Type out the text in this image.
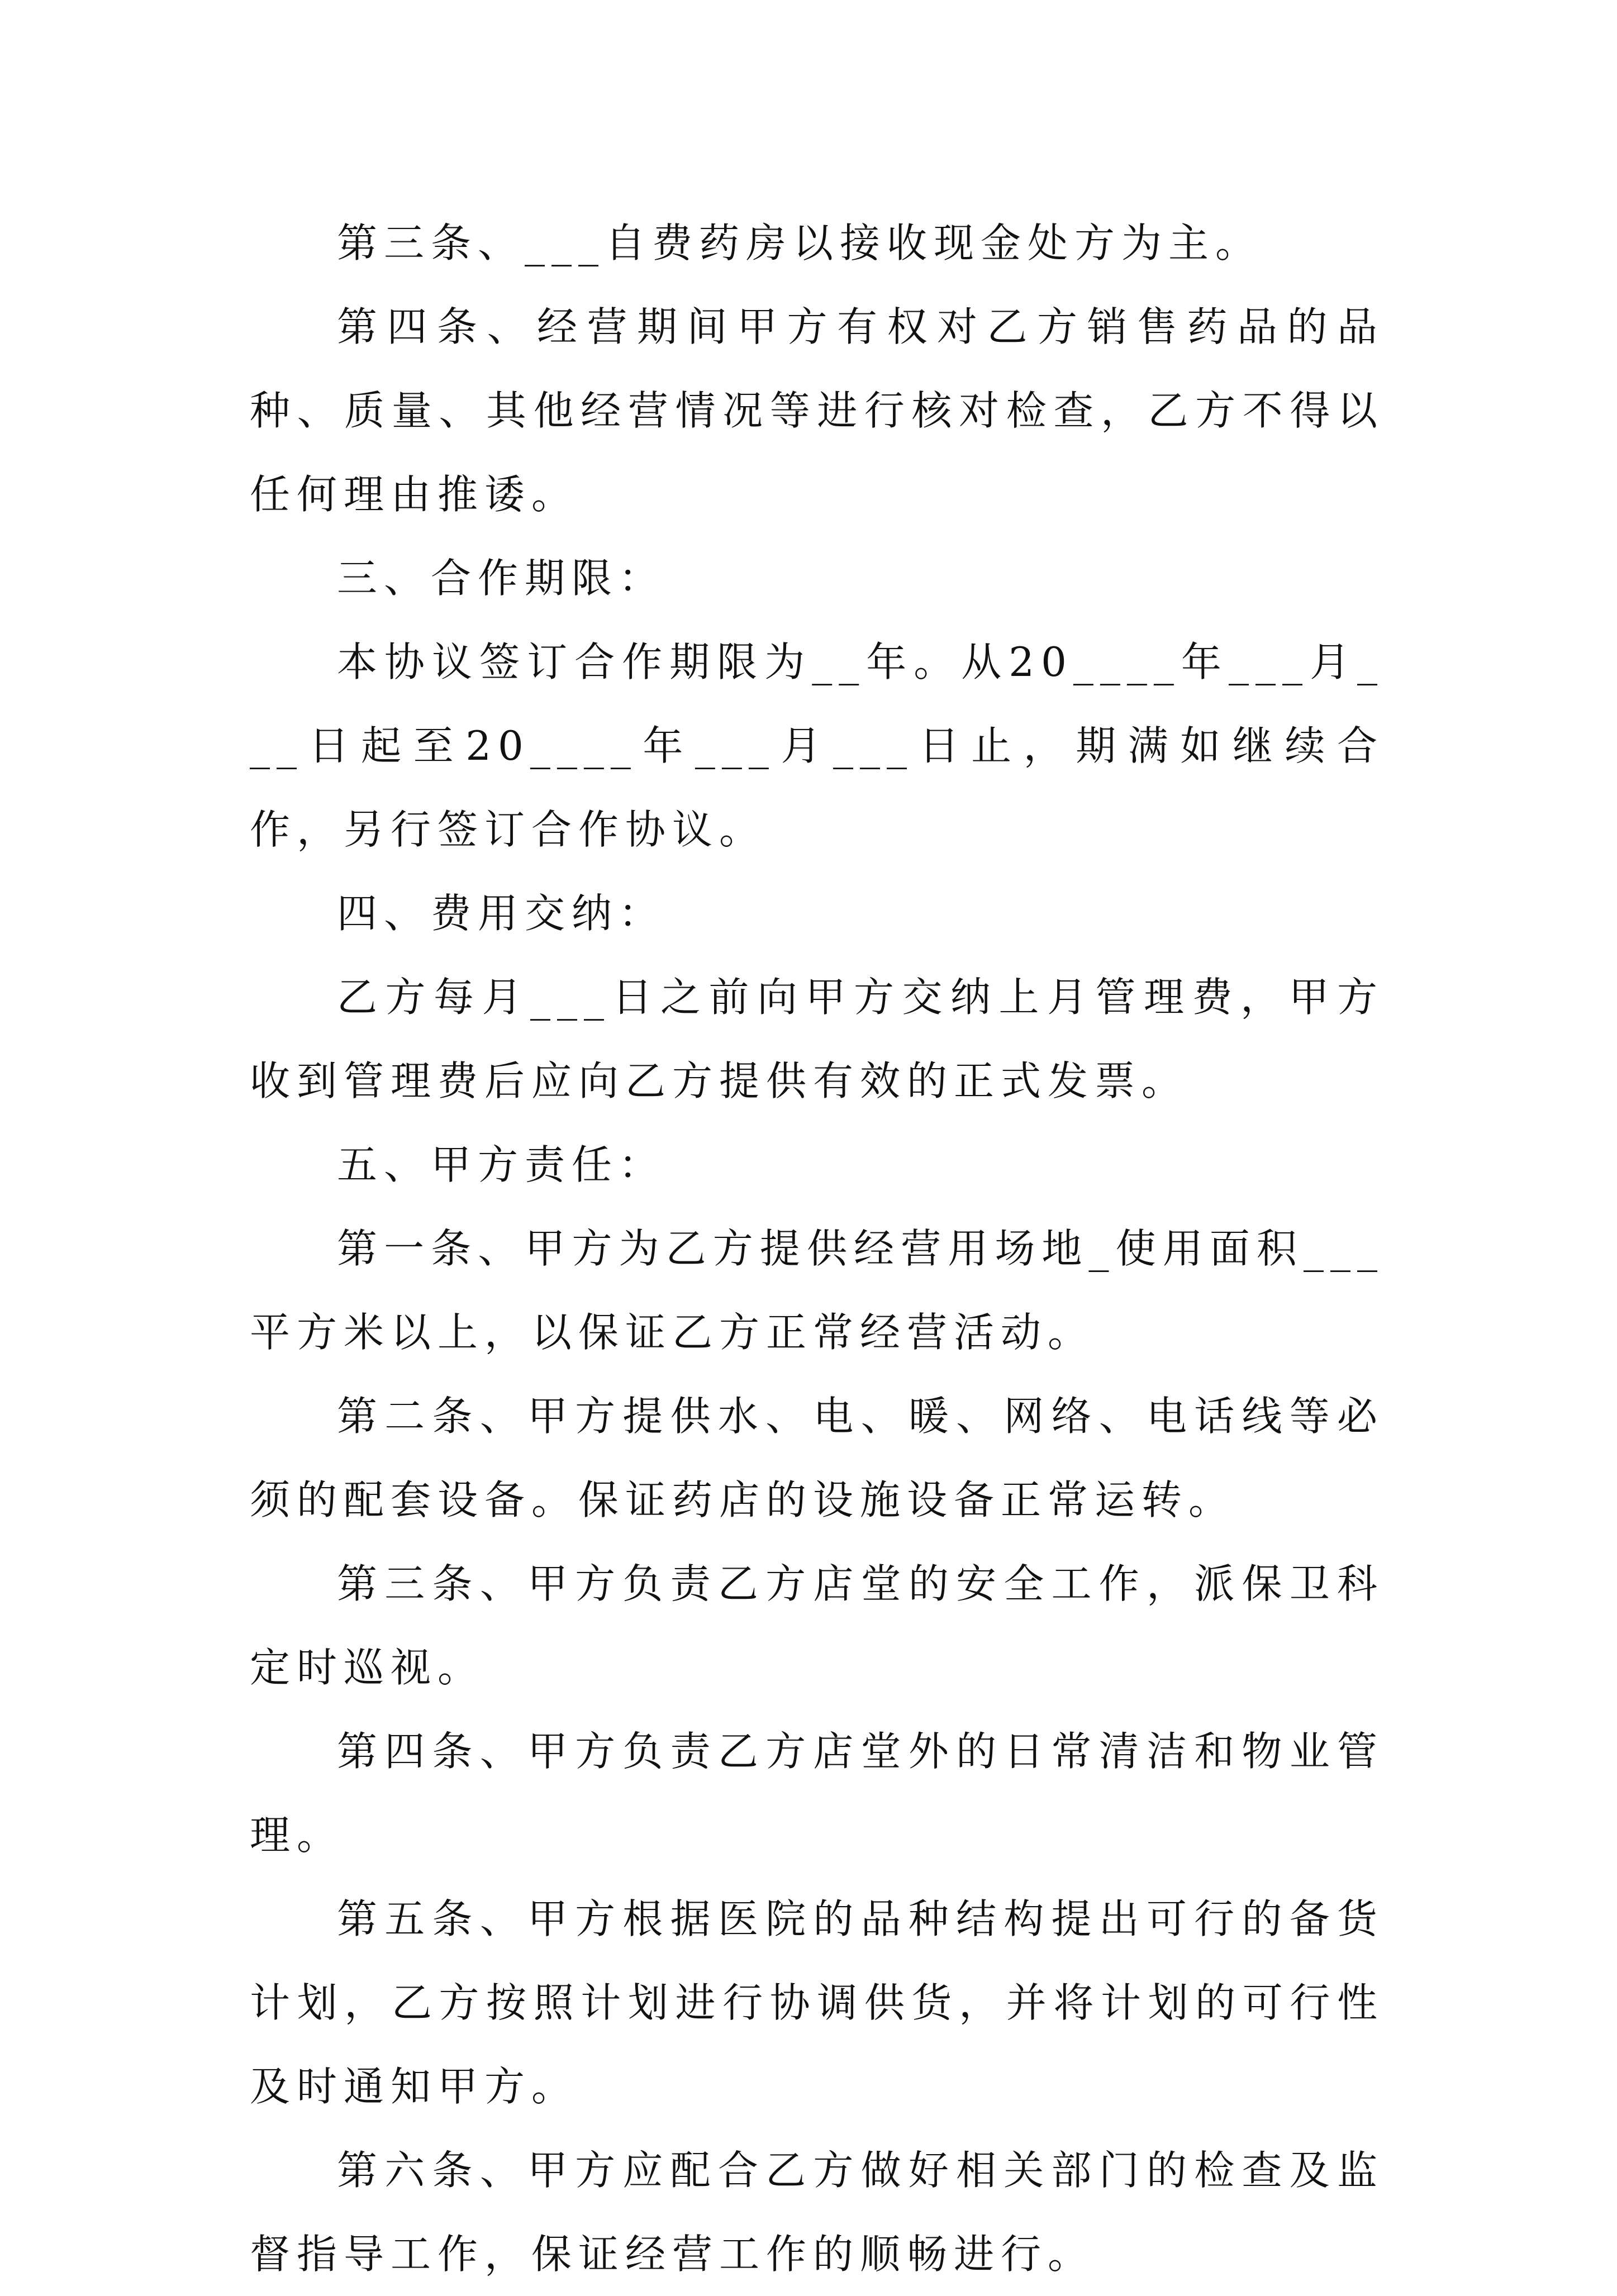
第三条、___自费药房以接收现金处方为主。

第四条、经营期间甲方有权对乙方销售药品的品种、质量、其他经营情况等进行核对检查，乙方不得以任何理由推诿。

三、合作期限：

本协议签订合作期限为__年。从20____年___月___日起至20____年___月___日止，期满如继续合作，另行签订合作协议。

四、费用交纳：

乙方每月___日之前向甲方交纳上月管理费，甲方收到管理费后应向乙方提供有效的正式发票。

五、甲方责任：

第一条、甲方为乙方提供经营用场地_使用面积___平方米以上，以保证乙方正常经营活动。

第二条、甲方提供水、电、暖、网络、电话线等必须的配套设备。保证药店的设施设备正常运转。

第三条、甲方负责乙方店堂的安全工作，派保卫科定时巡视。

第四条、甲方负责乙方店堂外的日常清洁和物业管理。

第五条、甲方根据医院的品种结构提出可行的备货计划，乙方按照计划进行协调供货，并将计划的可行性及时通知甲方。

第六条、甲方应配合乙方做好相关部门的检查及监督指导工作，保证经营工作的顺畅进行。
